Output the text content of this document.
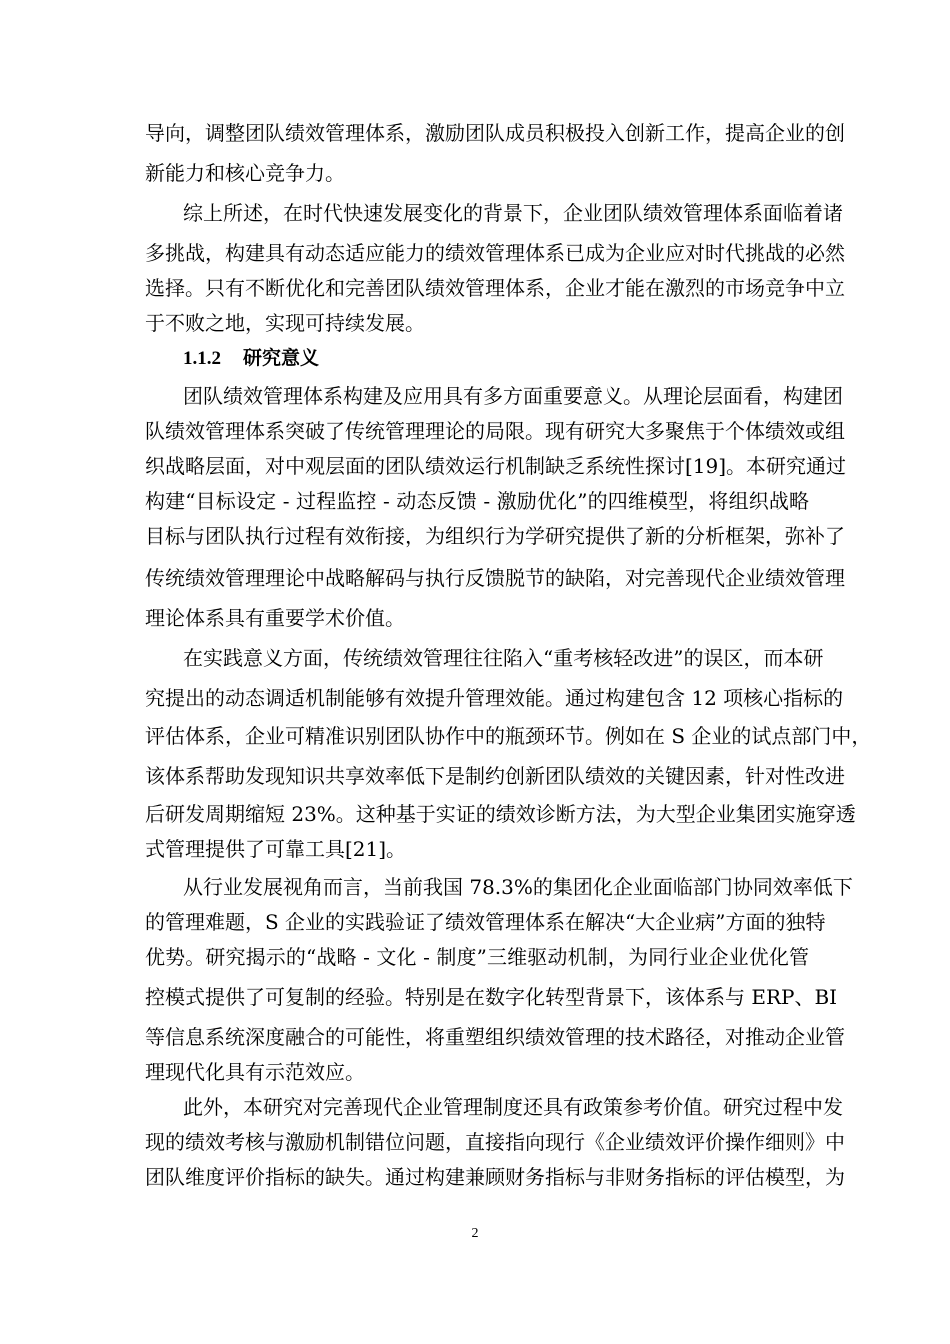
导向，调整团队绩效管理体系，激励团队成员积极投入创新工作，提高企业的创
新能力和核心竞争力。
综上所述，在时代快速发展变化的背景下，企业团队绩效管理体系面临着诸
多挑战，构建具有动态适应能力的绩效管理体系已成为企业应对时代挑战的必然
选择。只有不断优化和完善团队绩效管理体系，企业才能在激烈的市场竞争中立
于不败之地，实现可持续发展。
1.1.2 研究意义
团队绩效管理体系构建及应用具有多方面重要意义。从理论层面看，构建团
队绩效管理体系突破了传统管理理论的局限。现有研究大多聚焦于个体绩效或组
织战略层面，对中观层面的团队绩效运行机制缺乏系统性探讨[19]。本研究通过
构建“目标设定 - 过程监控 - 动态反馈 - 激励优化”的四维模型，将组织战略
目标与团队执行过程有效衔接，为组织行为学研究提供了新的分析框架，弥补了
传统绩效管理理论中战略解码与执行反馈脱节的缺陷，对完善现代企业绩效管理
理论体系具有重要学术价值。
在实践意义方面，传统绩效管理往往陷入“重考核轻改进”的误区，而本研
究提出的动态调适机制能够有效提升管理效能。通过构建包含 12 项核心指标的
评估体系，企业可精准识别团队协作中的瓶颈环节。例如在 S 企业的试点部门中，
该体系帮助发现知识共享效率低下是制约创新团队绩效的关键因素，针对性改进
后研发周期缩短 23%。这种基于实证的绩效诊断方法，为大型企业集团实施穿透
式管理提供了可靠工具[21]。
从行业发展视角而言，当前我国 78.3%的集团化企业面临部门协同效率低下
的管理难题，S 企业的实践验证了绩效管理体系在解决“大企业病”方面的独特
优势。研究揭示的“战略 - 文化 - 制度”三维驱动机制，为同行业企业优化管
控模式提供了可复制的经验。特别是在数字化转型背景下，该体系与 ERP、BI
等信息系统深度融合的可能性，将重塑组织绩效管理的技术路径，对推动企业管
理现代化具有示范效应。
此外，本研究对完善现代企业管理制度还具有政策参考价值。研究过程中发
现的绩效考核与激励机制错位问题，直接指向现行《企业绩效评价操作细则》中
团队维度评价指标的缺失。通过构建兼顾财务指标与非财务指标的评估模型，为
2
